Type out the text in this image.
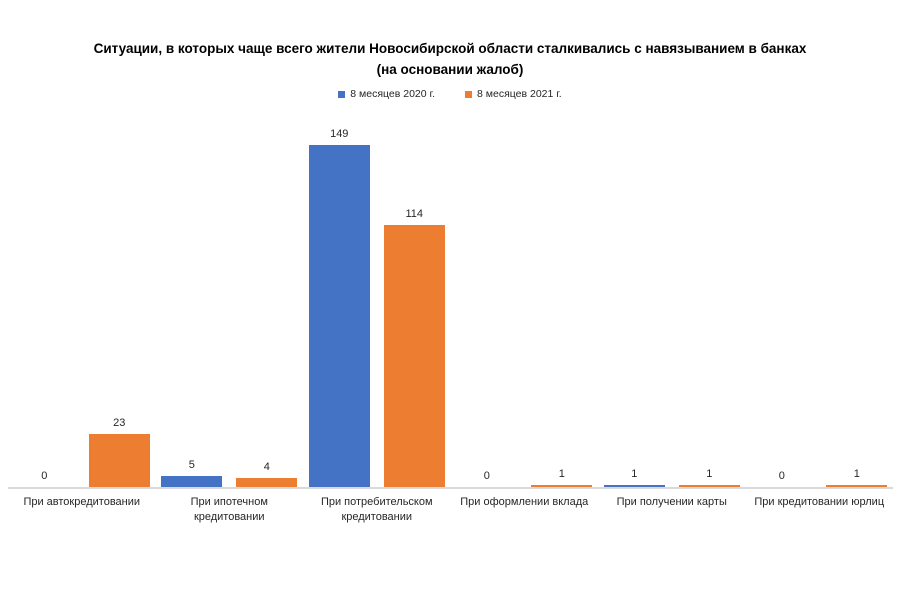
Ситуации, в которых чаще всего жители Новосибирской области сталкивались с навязыванием в банках
(на основании жалоб)
8 месяцев 2020 г.	8 месяцев 2021 г.
0
23
При автокредитовании
5	4
При ипотечном кредитовании
149
114
При потребительском кредитовании
0	1
При оформлении вклада
1	1
При получении карты
0	1
При кредитовании юрлиц
